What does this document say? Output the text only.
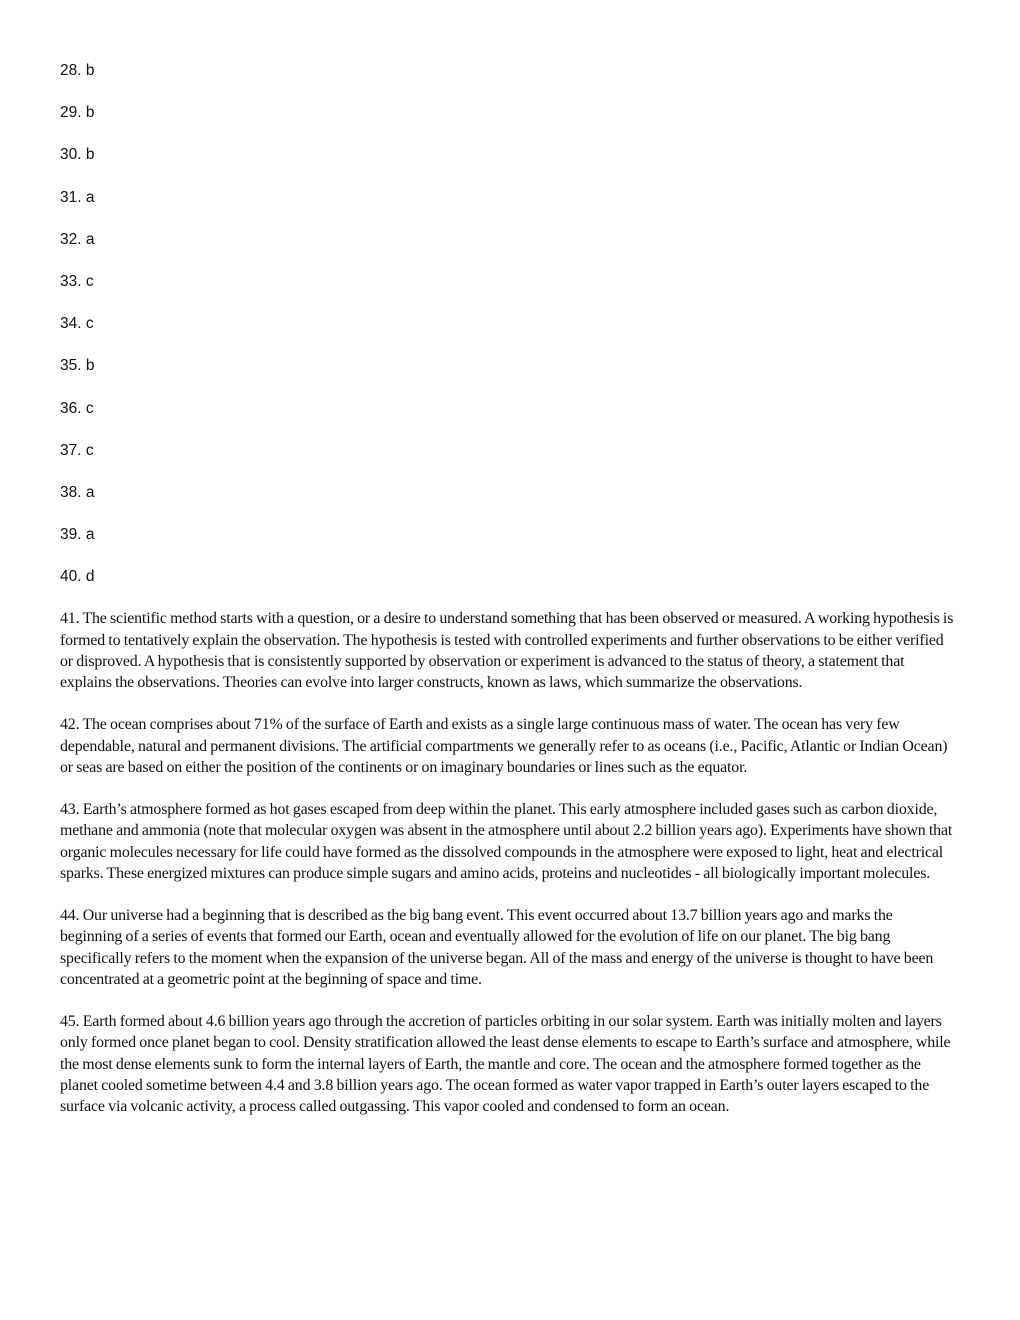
28. b
29. b
30. b
31. a
32. a
33. c
34. c
35. b
36. c
37. c
38. a
39. a
40. d

41. The scientific method starts with a question, or a desire to understand something that has been observed or measured. A working hypothesis is formed to tentatively explain the observation. The hypothesis is tested with controlled experiments and further observations to be either verified or disproved. A hypothesis that is consistently supported by observation or experiment is advanced to the status of theory, a statement that explains the observations. Theories can evolve into larger constructs, known as laws, which summarize the observations.

42. The ocean comprises about 71% of the surface of Earth and exists as a single large continuous mass of water. The ocean has very few dependable, natural and permanent divisions. The artificial compartments we generally refer to as oceans (i.e., Pacific, Atlantic or Indian Ocean) or seas are based on either the position of the continents or on imaginary boundaries or lines such as the equator.

43. Earth’s atmosphere formed as hot gases escaped from deep within the planet. This early atmosphere included gases such as carbon dioxide, methane and ammonia (note that molecular oxygen was absent in the atmosphere until about 2.2 billion years ago). Experiments have shown that organic molecules necessary for life could have formed as the dissolved compounds in the atmosphere were exposed to light, heat and electrical sparks. These energized mixtures can produce simple sugars and amino acids, proteins and nucleotides - all biologically important molecules.

44. Our universe had a beginning that is described as the big bang event. This event occurred about 13.7 billion years ago and marks the beginning of a series of events that formed our Earth, ocean and eventually allowed for the evolution of life on our planet. The big bang specifically refers to the moment when the expansion of the universe began. All of the mass and energy of the universe is thought to have been concentrated at a geometric point at the beginning of space and time.

45. Earth formed about 4.6 billion years ago through the accretion of particles orbiting in our solar system. Earth was initially molten and layers only formed once planet began to cool. Density stratification allowed the least dense elements to escape to Earth’s surface and atmosphere, while the most dense elements sunk to form the internal layers of Earth, the mantle and core. The ocean and the atmosphere formed together as the planet cooled sometime between 4.4 and 3.8 billion years ago. The ocean formed as water vapor trapped in Earth’s outer layers escaped to the surface via volcanic activity, a process called outgassing. This vapor cooled and condensed to form an ocean.
